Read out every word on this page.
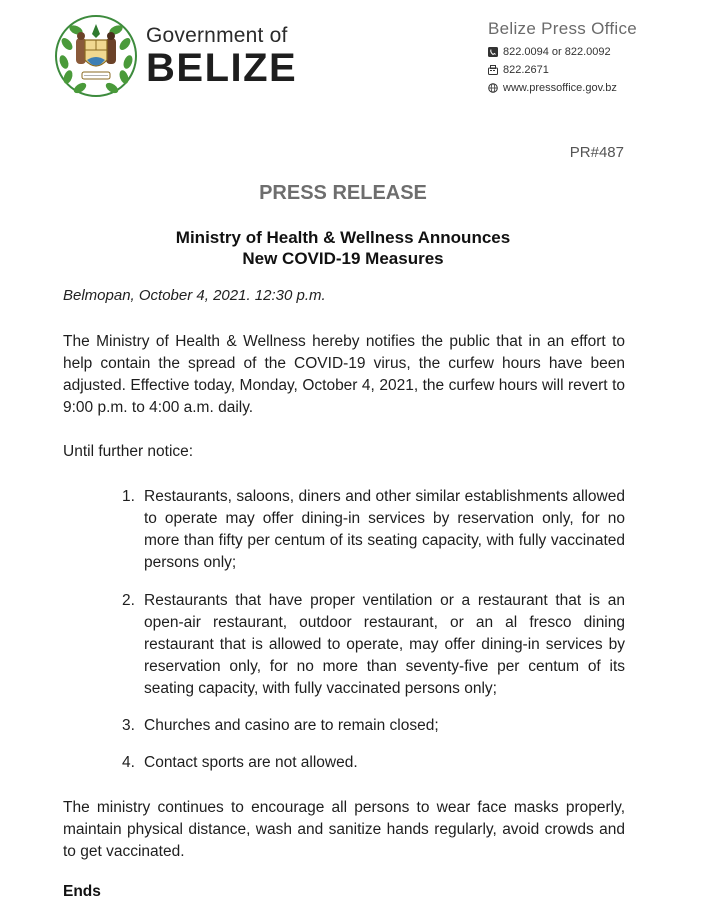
Government of
BELIZE
Belize Press Office
822.0094 or 822.0092
822.2671
www.pressoffice.gov.bz
PR#487
PRESS RELEASE
Ministry of Health & Wellness Announces
New COVID-19 Measures
Belmopan, October 4, 2021. 12:30 p.m.
The Ministry of Health & Wellness hereby notifies the public that in an effort to help contain the spread of the COVID-19 virus, the curfew hours have been adjusted. Effective today, Monday, October 4, 2021, the curfew hours will revert to 9:00 p.m. to 4:00 a.m. daily.
Until further notice:
1. Restaurants, saloons, diners and other similar establishments allowed to operate may offer dining-in services by reservation only, for no more than fifty per centum of its seating capacity, with fully vaccinated persons only;
2. Restaurants that have proper ventilation or a restaurant that is an open-air restaurant, outdoor restaurant, or an al fresco dining restaurant that is allowed to operate, may offer dining-in services by reservation only, for no more than seventy-five per centum of its seating capacity, with fully vaccinated persons only;
3. Churches and casino are to remain closed;
4. Contact sports are not allowed.
The ministry continues to encourage all persons to wear face masks properly, maintain physical distance, wash and sanitize hands regularly, avoid crowds and to get vaccinated.
Ends
